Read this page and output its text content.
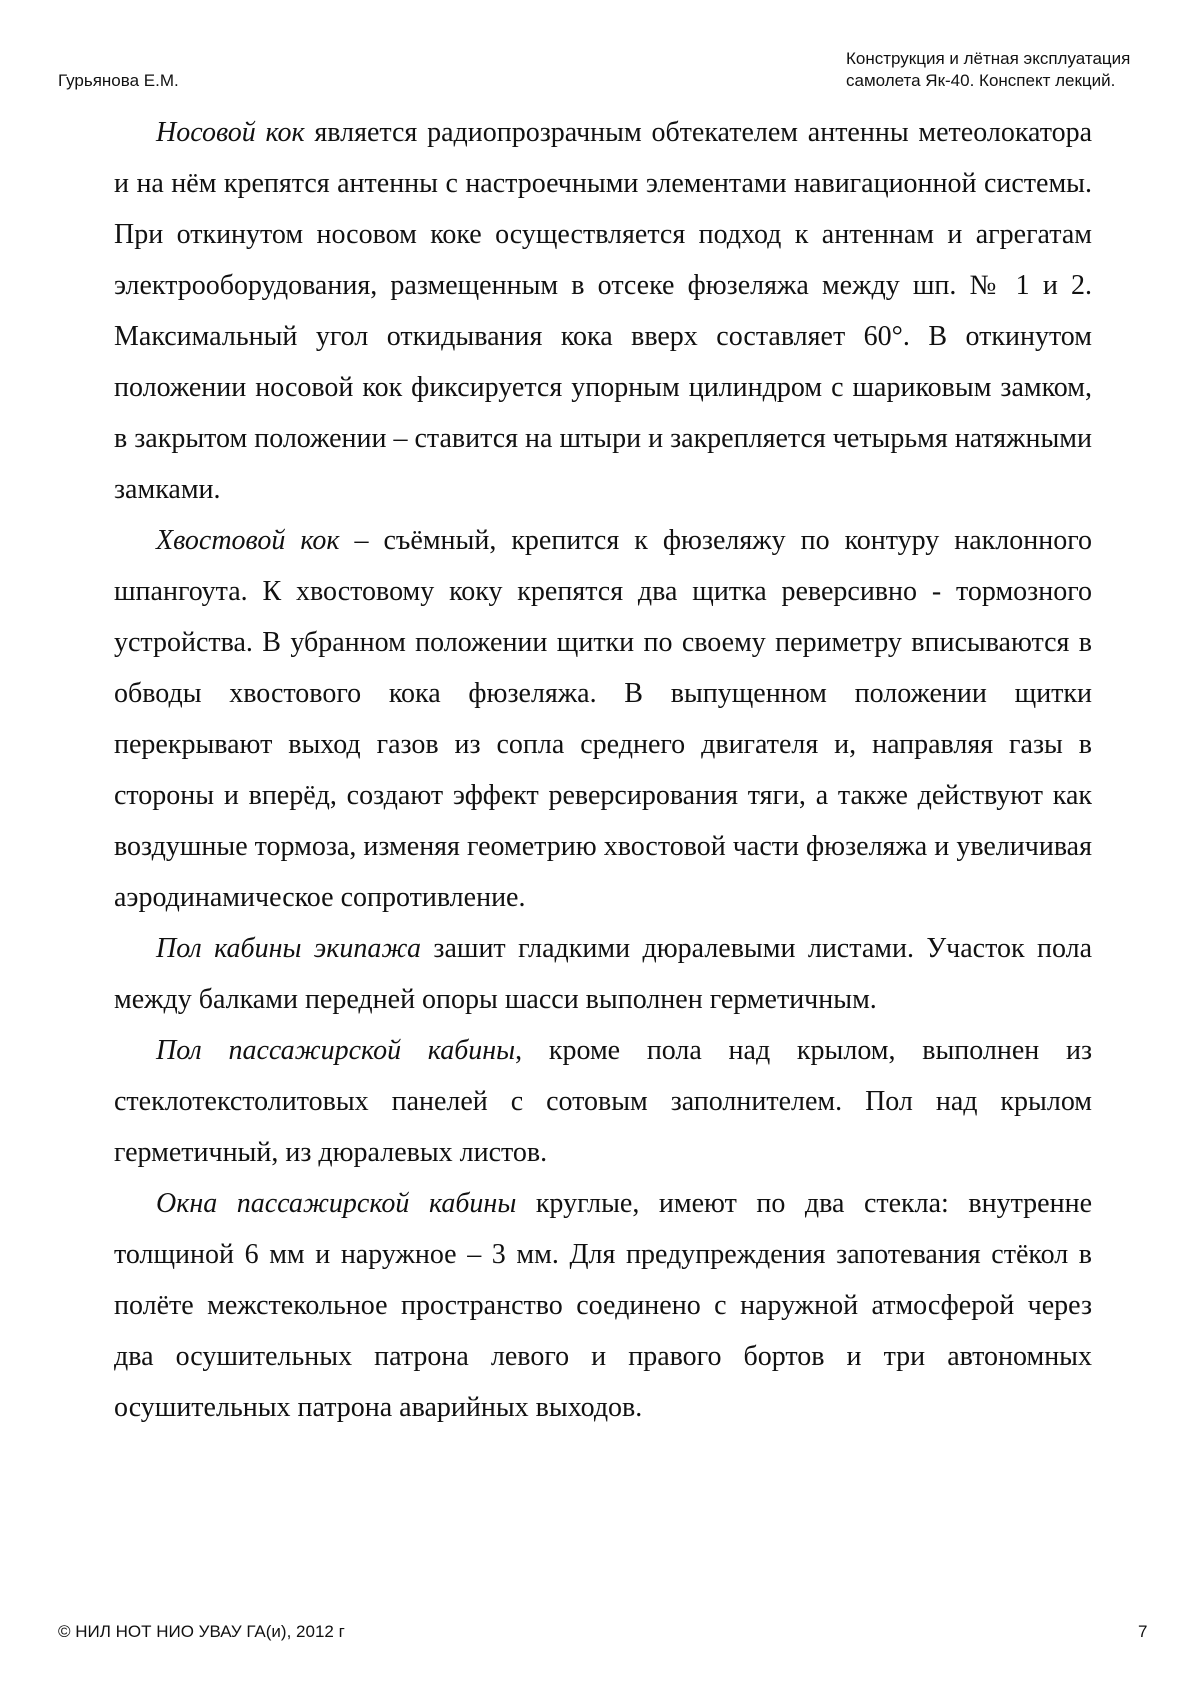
Гурьянова Е.М.
Конструкция и лётная эксплуатация
самолета Як-40. Конспект лекций.

Носовой кок является радиопрозрачным обтекателем антенны метеолокатора и на нём крепятся антенны с настроечными элементами навигационной системы. При откинутом носовом коке осуществляется подход к антеннам и агрегатам электрооборудования, размещенным в отсеке фюзеляжа между шп. № 1 и 2. Максимальный угол откидывания кока вверх составляет 60°. В откинутом положении носовой кок фиксируется упорным цилиндром с шариковым замком, в закрытом положении – ставится на штыри и закрепляется четырьмя натяжными замками.

Хвостовой кок – съёмный, крепится к фюзеляжу по контуру наклонного шпангоута. К хвостовому коку крепятся два щитка реверсивно - тормозного устройства. В убранном положении щитки по своему периметру вписываются в обводы хвостового кока фюзеляжа. В выпущенном положении щитки перекрывают выход газов из сопла среднего двигателя и, направляя газы в стороны и вперёд, создают эффект реверсирования тяги, а также действуют как воздушные тормоза, изменяя геометрию хвостовой части фюзеляжа и увеличивая аэродинамическое сопротивление.

Пол кабины экипажа зашит гладкими дюралевыми листами. Участок пола между балками передней опоры шасси выполнен герметичным.

Пол пассажирской кабины, кроме пола над крылом, выполнен из стеклотекстолитовых панелей с сотовым заполнителем. Пол над крылом герметичный, из дюралевых листов.

Окна пассажирской кабины круглые, имеют по два стекла: внутренне толщиной 6 мм и наружное – 3 мм. Для предупреждения запотевания стёкол в полёте межстекольное пространство соединено с наружной атмосферой через два осушительных патрона левого и правого бортов и три автономных осушительных патрона аварийных выходов.

© НИЛ НОТ НИО УВАУ ГА(и), 2012 г	7
